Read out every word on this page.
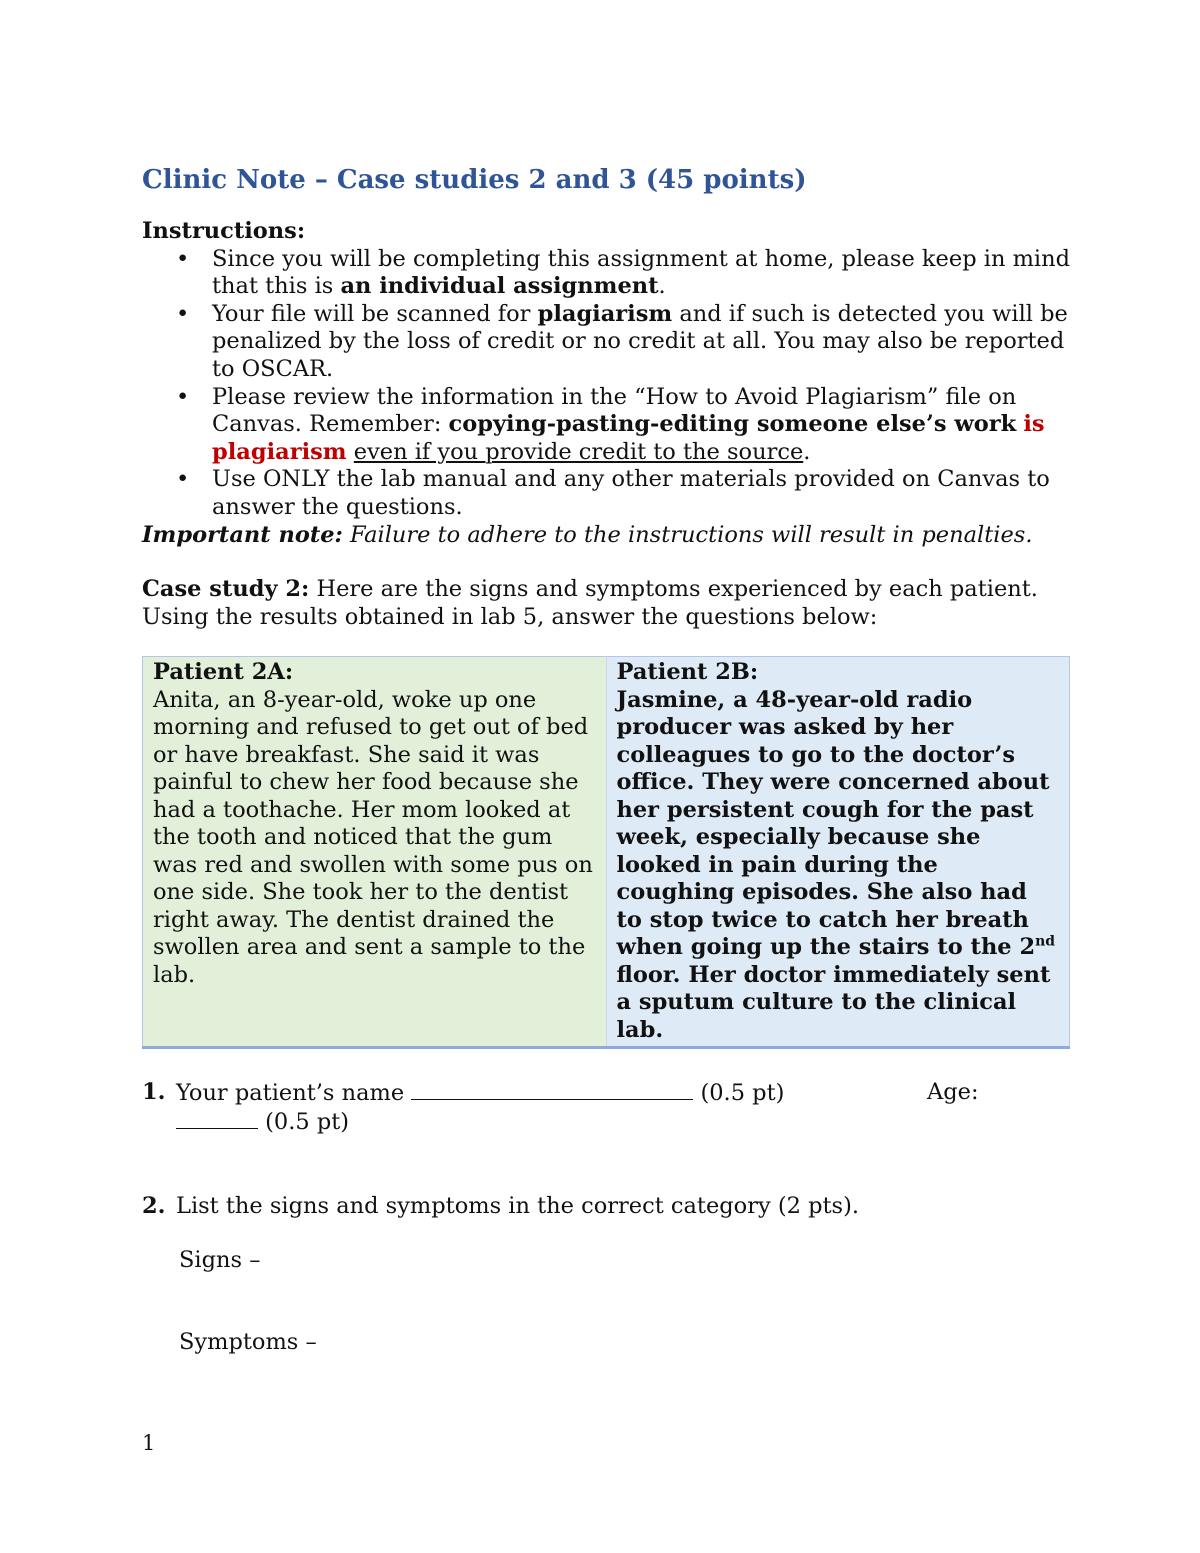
Clinic Note – Case studies 2 and 3 (45 points)
Instructions:
• Since you will be completing this assignment at home, please keep in mind that this is an individual assignment.
• Your file will be scanned for plagiarism and if such is detected you will be penalized by the loss of credit or no credit at all. You may also be reported to OSCAR.
• Please review the information in the “How to Avoid Plagiarism” file on Canvas. Remember: copying-pasting-editing someone else’s work is plagiarism even if you provide credit to the source.
• Use ONLY the lab manual and any other materials provided on Canvas to answer the questions.
Important note: Failure to adhere to the instructions will result in penalties.
Case study 2: Here are the signs and symptoms experienced by each patient. Using the results obtained in lab 5, answer the questions below:
Patient 2A:
Anita, an 8-year-old, woke up one morning and refused to get out of bed or have breakfast. She said it was painful to chew her food because she had a toothache. Her mom looked at the tooth and noticed that the gum was red and swollen with some pus on one side. She took her to the dentist right away. The dentist drained the swollen area and sent a sample to the lab.

Patient 2B:
Jasmine, a 48-year-old radio producer was asked by her colleagues to go to the doctor’s office. They were concerned about her persistent cough for the past week, especially because she looked in pain during the coughing episodes. She also had to stop twice to catch her breath when going up the stairs to the 2nd floor. Her doctor immediately sent a sputum culture to the clinical lab.
1. Your patient’s name	(0.5 pt)	Age:

(0.5 pt)
2. List the signs and symptoms in the correct category (2 pts).
Signs –
Symptoms –
1
